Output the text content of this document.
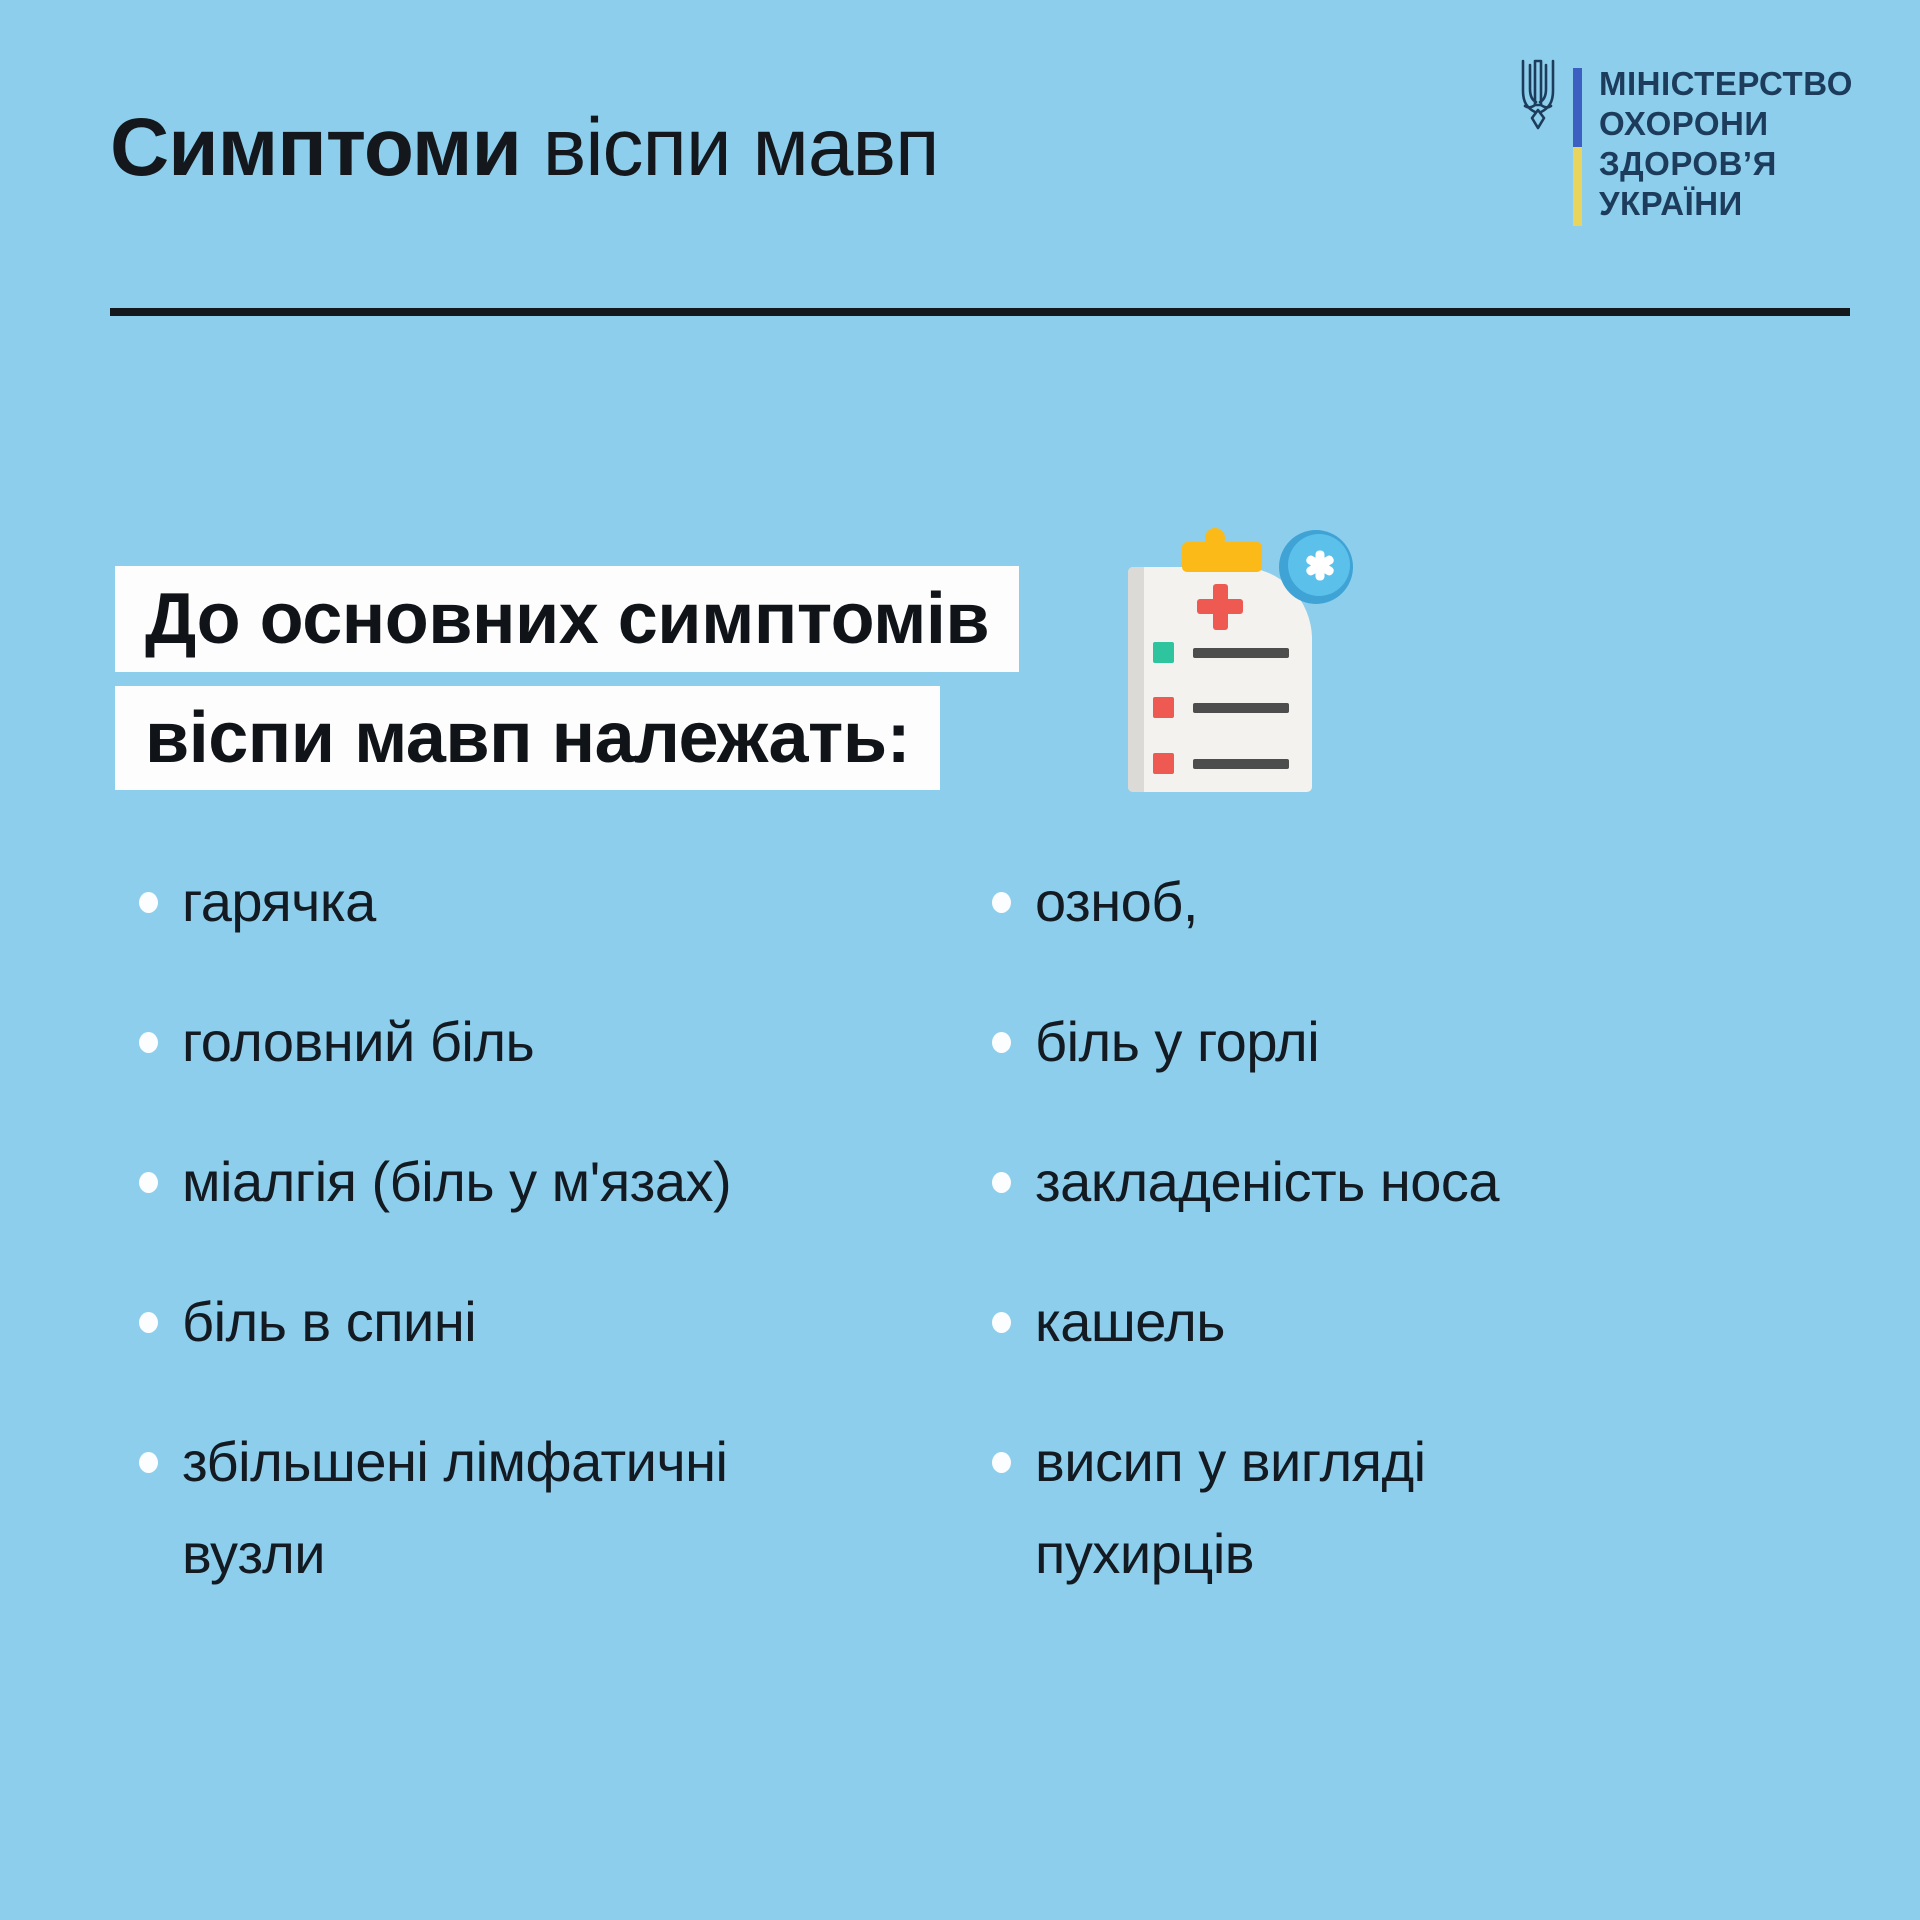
Симптоми віспи мавп
МІНІСТЕРСТВО
ОХОРОНИ
ЗДОРОВ’Я
УКРАЇНИ
До основних симптомів
віспи мавп належать:
гарячка
головний біль
міалгія (біль у м'язах)
біль в спині
збільшені лімфатичні
вузли
озноб,
біль у горлі
закладеність носа
кашель
висип у вигляді
пухирців
